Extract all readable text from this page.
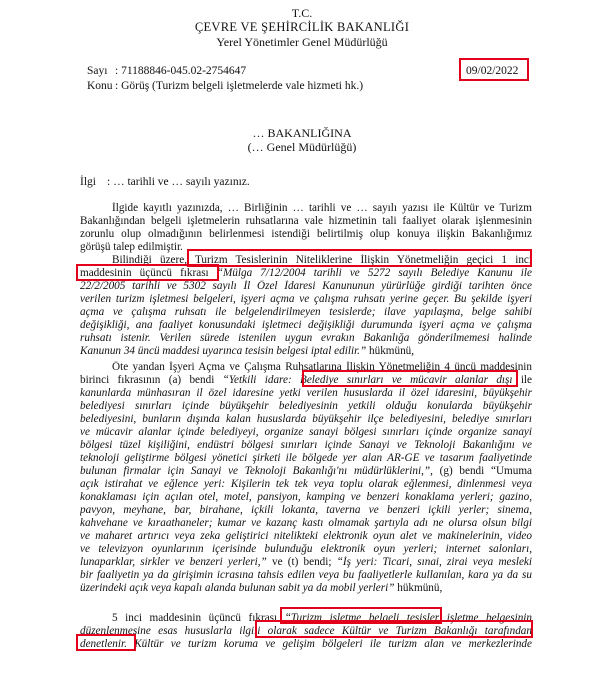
T.C.
ÇEVRE VE ŞEHİRCİLİK BAKANLIĞI
Yerel Yönetimler Genel Müdürlüğü
Sayı : 71188846-045.02-2754647
Konu : Görüş (Turizm belgeli işletmelerde vale hizmeti hk.)
09/02/2022
… BAKANLIĞINA
(… Genel Müdürlüğü)
İlgi : … tarihli ve … sayılı yazınız.
İlgide kayıtlı yazınızda, … Birliğinin … tarihli ve … sayılı yazısı ile Kültür ve Turizm
Bakanlığından belgeli işletmelerin ruhsatlarına vale hizmetinin tali faaliyet olarak işlenmesinin
zorunlu olup olmadığının belirlenmesi istendiği belirtilmiş olup konuya ilişkin Bakanlığımız
görüşü talep edilmiştir.
Bilindiği üzere, Turizm Tesislerinin Niteliklerine İlişkin Yönetmeliğin geçici 1 inci
maddesinin üçüncü fıkrası “Mülga 7/12/2004 tarihli ve 5272 sayılı Belediye Kanunu ile
22/2/2005 tarihli ve 5302 sayılı İl Özel İdaresi Kanununun yürürlüğe girdiği tarihten önce
verilen turizm işletmesi belgeleri, işyeri açma ve çalışma ruhsatı yerine geçer. Bu şekilde işyeri
açma ve çalışma ruhsatı ile belgelendirilmeyen tesislerde; ilave yapılaşma, belge sahibi
değişikliği, ana faaliyet konusundaki işletmeci değişikliği durumunda işyeri açma ve çalışma
ruhsatı istenir. Verilen sürede istenilen uygun evrakın Bakanlığa gönderilmemesi halinde
Kanunun 34 üncü maddesi uyarınca tesisin belgesi iptal edilir.” hükmünü,
Öte yandan İşyeri Açma ve Çalışma Ruhsatlarına İlişkin Yönetmeliğin 4 üncü maddesinin
birinci fıkrasının (a) bendi “Yetkili idare: Belediye sınırları ve mücavir alanlar dışı ile
kanunlarda münhasıran il özel idaresine yetki verilen hususlarda il özel idaresini, büyükşehir
belediyesi sınırları içinde büyükşehir belediyesinin yetkili olduğu konularda büyükşehir
belediyesini, bunların dışında kalan hususlarda büyükşehir ilçe belediyesini, belediye sınırları
ve mücavir alanlar içinde belediyeyi, organize sanayi bölgesi sınırları içinde organize sanayi
bölgesi tüzel kişiliğini, endüstri bölgesi sınırları içinde Sanayi ve Teknoloji Bakanlığını ve
teknoloji geliştirme bölgesi yönetici şirketi ile bölgede yer alan AR-GE ve tasarım faaliyetinde
bulunan firmalar için Sanayi ve Teknoloji Bakanlığı'nı müdürlüklerini,”, (g) bendi “Umuma
açık istirahat ve eğlence yeri: Kişilerin tek tek veya toplu olarak eğlenmesi, dinlenmesi veya
konaklaması için açılan otel, motel, pansiyon, kamping ve benzeri konaklama yerleri; gazino,
pavyon, meyhane, bar, birahane, içkili lokanta, taverna ve benzeri içkili yerler; sinema,
kahvehane ve kıraathaneler; kumar ve kazanç kastı olmamak şartıyla adı ne olursa olsun bilgi
ve maharet artırıcı veya zeka geliştirici nitelikteki elektronik oyun alet ve makinelerinin, video
ve televizyon oyunlarının içerisinde bulunduğu elektronik oyun yerleri; internet salonları,
lunaparklar, sirkler ve benzeri yerleri,” ve (t) bendi; “İş yeri: Ticari, sınai, zirai veya mesleki
bir faaliyetin ya da girişimin icrasına tahsis edilen veya bu faaliyetlerle kullanılan, kara ya da su
üzerindeki açık veya kapalı alanda bulunan sabit ya da mobil yerleri” hükmünü,
5 inci maddesinin üçüncü fıkrası “Turizm işletme belgeli tesisler işletme belgesinin
düzenlenmesine esas hususlarla ilgili olarak sadece Kültür ve Turizm Bakanlığı tarafından
denetlenir. Kültür ve turizm koruma ve gelişim bölgeleri ile turizm alan ve merkezlerinde
